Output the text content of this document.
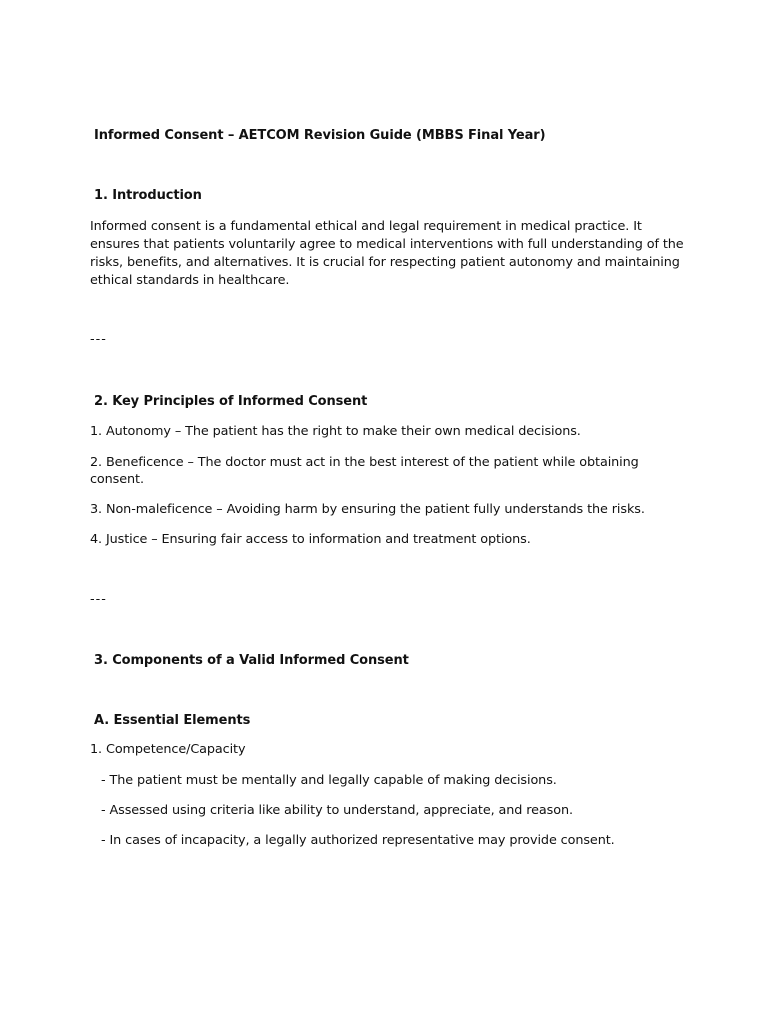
Informed Consent – AETCOM Revision Guide (MBBS Final Year)
1. Introduction
Informed consent is a fundamental ethical and legal requirement in medical practice. It
ensures that patients voluntarily agree to medical interventions with full understanding of the
risks, benefits, and alternatives. It is crucial for respecting patient autonomy and maintaining
ethical standards in healthcare.
---
2. Key Principles of Informed Consent
1. Autonomy – The patient has the right to make their own medical decisions.
2. Beneficence – The doctor must act in the best interest of the patient while obtaining
consent.
3. Non-maleficence – Avoiding harm by ensuring the patient fully understands the risks.
4. Justice – Ensuring fair access to information and treatment options.
---
3. Components of a Valid Informed Consent
A. Essential Elements
1. Competence/Capacity
- The patient must be mentally and legally capable of making decisions.
- Assessed using criteria like ability to understand, appreciate, and reason.
- In cases of incapacity, a legally authorized representative may provide consent.
